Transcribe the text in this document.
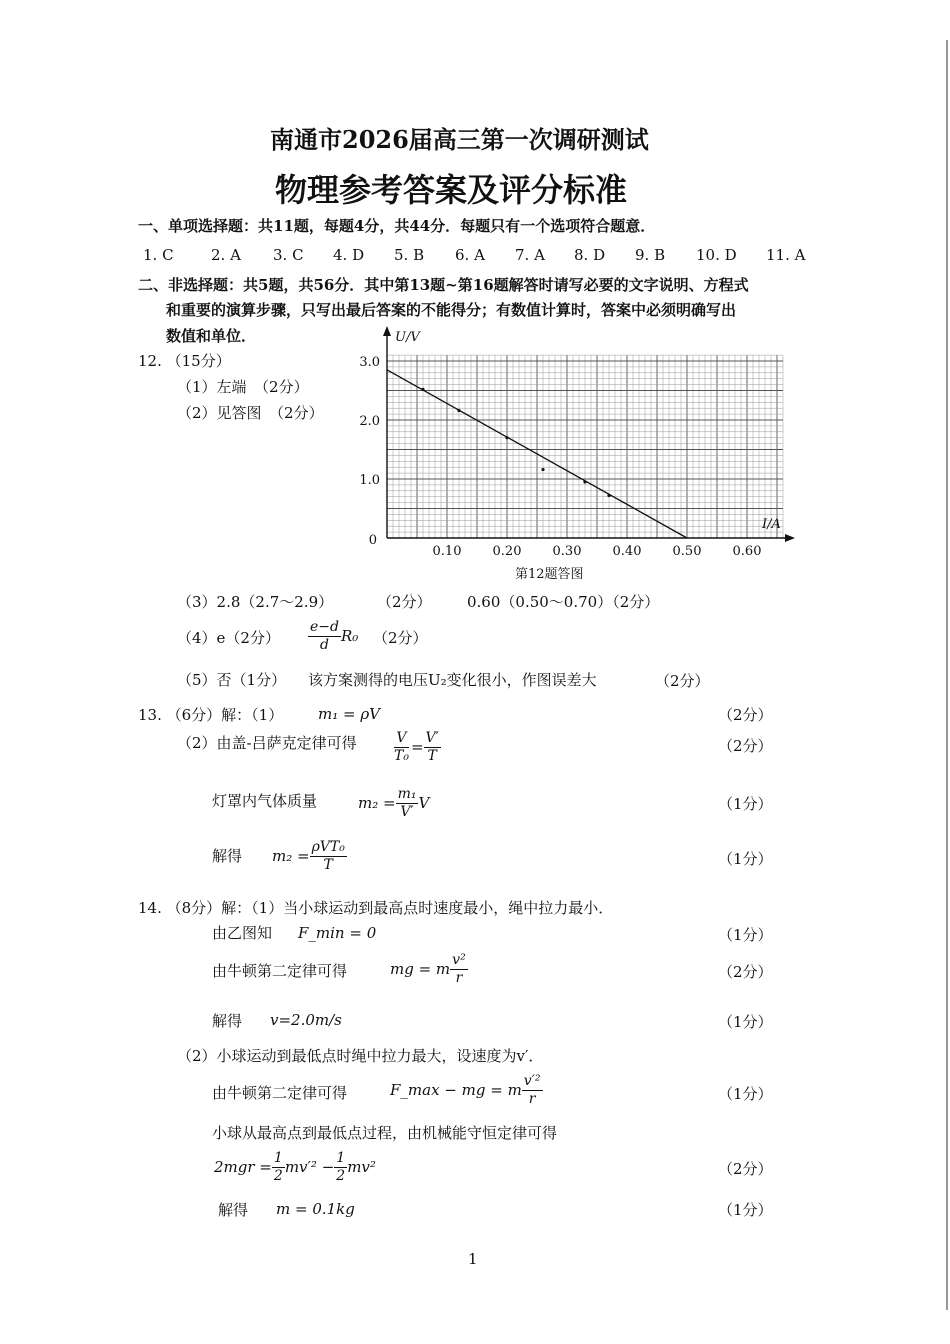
南通市2026届高三第一次调研测试
物理参考答案及评分标准
一、单项选择题：共11题，每题4分，共44分．每题只有一个选项符合题意．
1. C 2. A 3. C 4. D 5. B 6. A 7. A 8. D 9. B 10. D 11. A
二、非选择题：共5题，共56分．其中第13题~第16题解答时请写必要的文字说明、方程式
和重要的演算步骤，只写出最后答案的不能得分；有数值计算时，答案中必须明确写出
数值和单位．
12. （15分）
（1）左端　（2分）
（2）见答图　（2分）
0.10 0.20 0.30 0.40 0.50 0.60
1.0
2.0
3.0
0
U/V
I/A
第12题答图
（3）2.8（2.7～2.9）	（2分） 0.60（0.50～0.70）（2分）
（4）e（2分） $\frac{e-d}{d} R_0$ （2分）
（5）否（1分） 该方案测得的电压U₂变化很小，作图误差大	（2分）
13. （6分）解：（1） m₁ = ρV	（2分）
（2）由盖-吕萨克定律可得	$\frac{V}{\text{T₀}} = \frac{V'}{T}$	（2分）
灯罩内气体质量	$m_2 = \frac{\text{m₁}}{V'}$ V	（1分）
解得 $m_2 = \frac{\text{ρVT₀}}{T}$	（1分）
14. （8分）解：（1）当小球运动到最高点时速度最小，绳中拉力最小．
由乙图知 F_min = 0	（1分）
由牛顿第二定律可得	mg = m $\frac{\text{v²}}{r}$	（2分）
解得 v=2.0m/s	（1分）
（2）小球运动到最低点时绳中拉力最大，设速度为v′．
由牛顿第二定律可得	F_max − mg = m $\frac{\text{v′²}}{r}$	（1分）
小球从最高点到最低点过程，由机械能守恒定律可得
$2mgr = \frac{1}{2} mv'^2 - \frac{1}{2} mv^2$	（2分）
解得 m = 0.1kg	（1分）
1
